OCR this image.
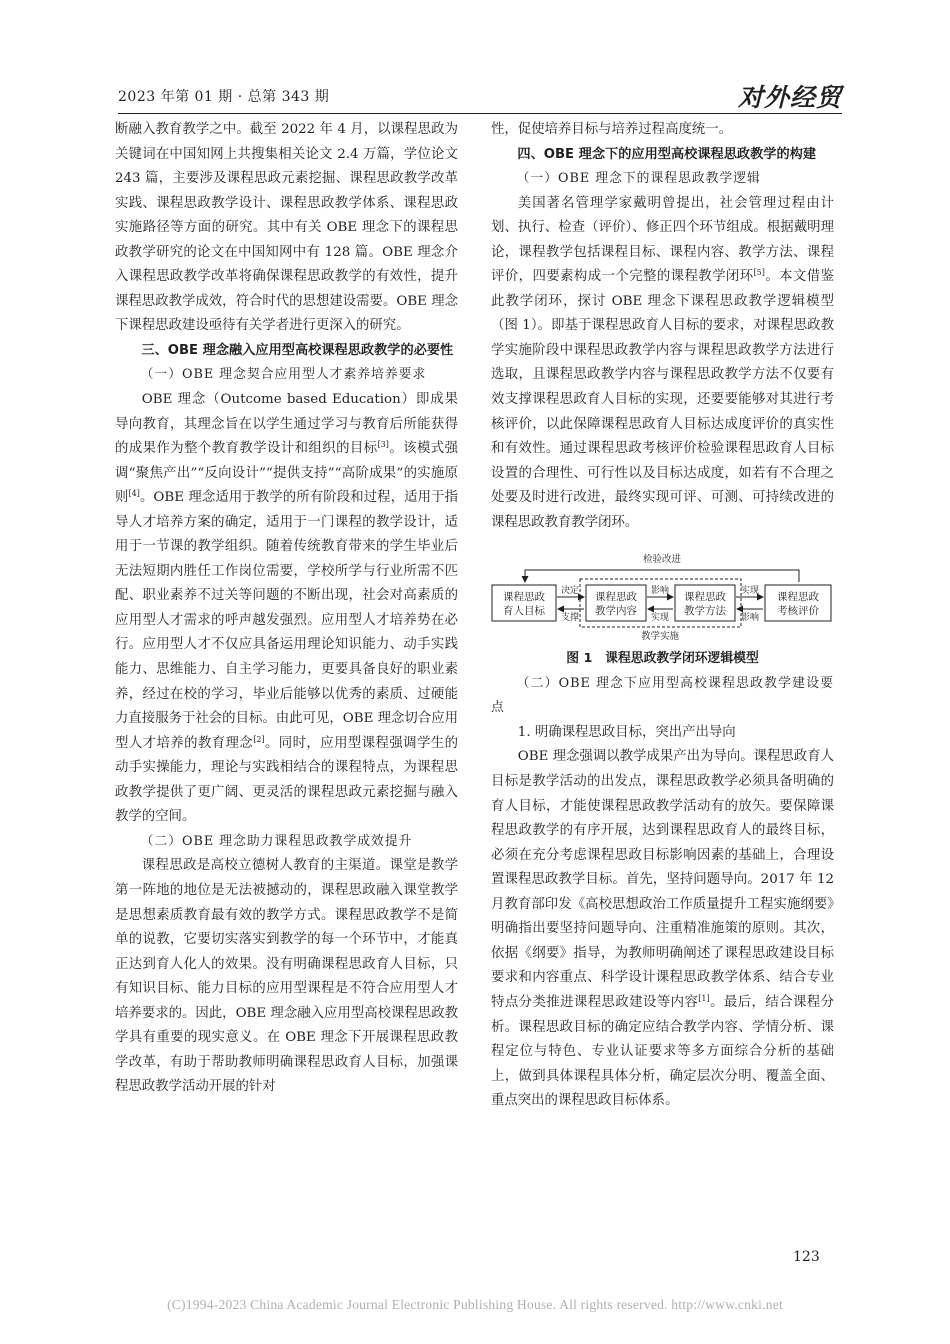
2023 年第 01 期 · 总第 343 期	对外经贸

断融入教育教学之中。截至 2022 年 4 月，以课程思政为关键词在中国知网上共搜集相关论文 2.4 万篇，学位论文 243 篇，主要涉及课程思政元素挖掘、课程思政教学改革实践、课程思政教学设计、课程思政教学体系、课程思政实施路径等方面的研究。其中有关 OBE 理念下的课程思政教学研究的论文在中国知网中有 128 篇。OBE 理念介入课程思政教学改革将确保课程思政教学的有效性，提升课程思政教学成效，符合时代的思想建设需要。OBE 理念下课程思政建设亟待有关学者进行更深入的研究。

三、OBE 理念融入应用型高校课程思政教学的必要性

（一）OBE 理念契合应用型人才素养培养要求

OBE 理念（Outcome based Education）即成果导向教育，其理念旨在以学生通过学习与教育后所能获得的成果作为整个教育教学设计和组织的目标[3]。该模式强调“聚焦产出”“反向设计”“提供支持”“高阶成果”的实施原则[4]。OBE 理念适用于教学的所有阶段和过程，适用于指导人才培养方案的确定，适用于一门课程的教学设计，适用于一节课的教学组织。随着传统教育带来的学生毕业后无法短期内胜任工作岗位需要，学校所学与行业所需不匹配、职业素养不过关等问题的不断出现，社会对高素质的应用型人才需求的呼声越发强烈。应用型人才培养势在必行。应用型人才不仅应具备运用理论知识能力、动手实践能力、思维能力、自主学习能力，更要具备良好的职业素养，经过在校的学习，毕业后能够以优秀的素质、过硬能力直接服务于社会的目标。由此可见，OBE 理念切合应用型人才培养的教育理念[2]。同时，应用型课程强调学生的动手实操能力，理论与实践相结合的课程特点，为课程思政教学提供了更广阔、更灵活的课程思政元素挖掘与融入教学的空间。

（二）OBE 理念助力课程思政教学成效提升

课程思政是高校立德树人教育的主渠道。课堂是教学第一阵地的地位是无法被撼动的，课程思政融入课堂教学是思想素质教育最有效的教学方式。课程思政教学不是简单的说教，它要切实落实到教学的每一个环节中，才能真正达到育人化人的效果。没有明确课程思政育人目标，只有知识目标、能力目标的应用型课程是不符合应用型人才培养要求的。因此，OBE 理念融入应用型高校课程思政教学具有重要的现实意义。在 OBE 理念下开展课程思政教学改革，有助于帮助教师明确课程思政育人目标，加强课程思政教学活动开展的针对

性，促使培养目标与培养过程高度统一。

四、OBE 理念下的应用型高校课程思政教学的构建

（一）OBE 理念下的课程思政教学逻辑

美国著名管理学家戴明曾提出，社会管理过程由计划、执行、检查（评价）、修正四个环节组成。根据戴明理论，课程教学包括课程目标、课程内容、教学方法、课程评价，四要素构成一个完整的课程教学闭环[5]。本文借鉴此教学闭环，探讨 OBE 理念下课程思政教学逻辑模型（图 1）。即基于课程思政育人目标的要求，对课程思政教学实施阶段中课程思政教学内容与课程思政教学方法进行选取，且课程思政教学内容与课程思政教学方法不仅要有效支撑课程思政育人目标的实现，还要要能够对其进行考核评价，以此保障课程思政育人目标达成度评价的真实性和有效性。通过课程思政考核评价检验课程思政育人目标设置的合理性、可行性以及目标达成度，如若有不合理之处要及时进行改进，最终实现可评、可测、可持续改进的课程思政教育教学闭环。

检验改进
教学实施
课程思政
育人目标
课程思政
教学内容
课程思政
教学方法
课程思政
考核评价
决定
支撑
影响
实现
实现
影响

图 1　课程思政教学闭环逻辑模型

（二）OBE 理念下应用型高校课程思政教学建设要点

1. 明确课程思政目标，突出产出导向

OBE 理念强调以教学成果产出为导向。课程思政育人目标是教学活动的出发点，课程思政教学必须具备明确的育人目标，才能使课程思政教学活动有的放矢。要保障课程思政教学的有序开展，达到课程思政育人的最终目标，必须在充分考虑课程思政目标影响因素的基础上，合理设置课程思政教学目标。首先，坚持问题导向。2017 年 12 月教育部印发《高校思想政治工作质量提升工程实施纲要》明确指出要坚持问题导向、注重精准施策的原则。其次，依据《纲要》指导，为教师明确阐述了课程思政建设目标要求和内容重点、科学设计课程思政教学体系、结合专业特点分类推进课程思政建设等内容[1]。最后，结合课程分析。课程思政目标的确定应结合教学内容、学情分析、课程定位与特色、专业认证要求等多方面综合分析的基础上，做到具体课程具体分析，确定层次分明、覆盖全面、重点突出的课程思政目标体系。

123
(C)1994-2023 China Academic Journal Electronic Publishing House. All rights reserved. http://www.cnki.net
